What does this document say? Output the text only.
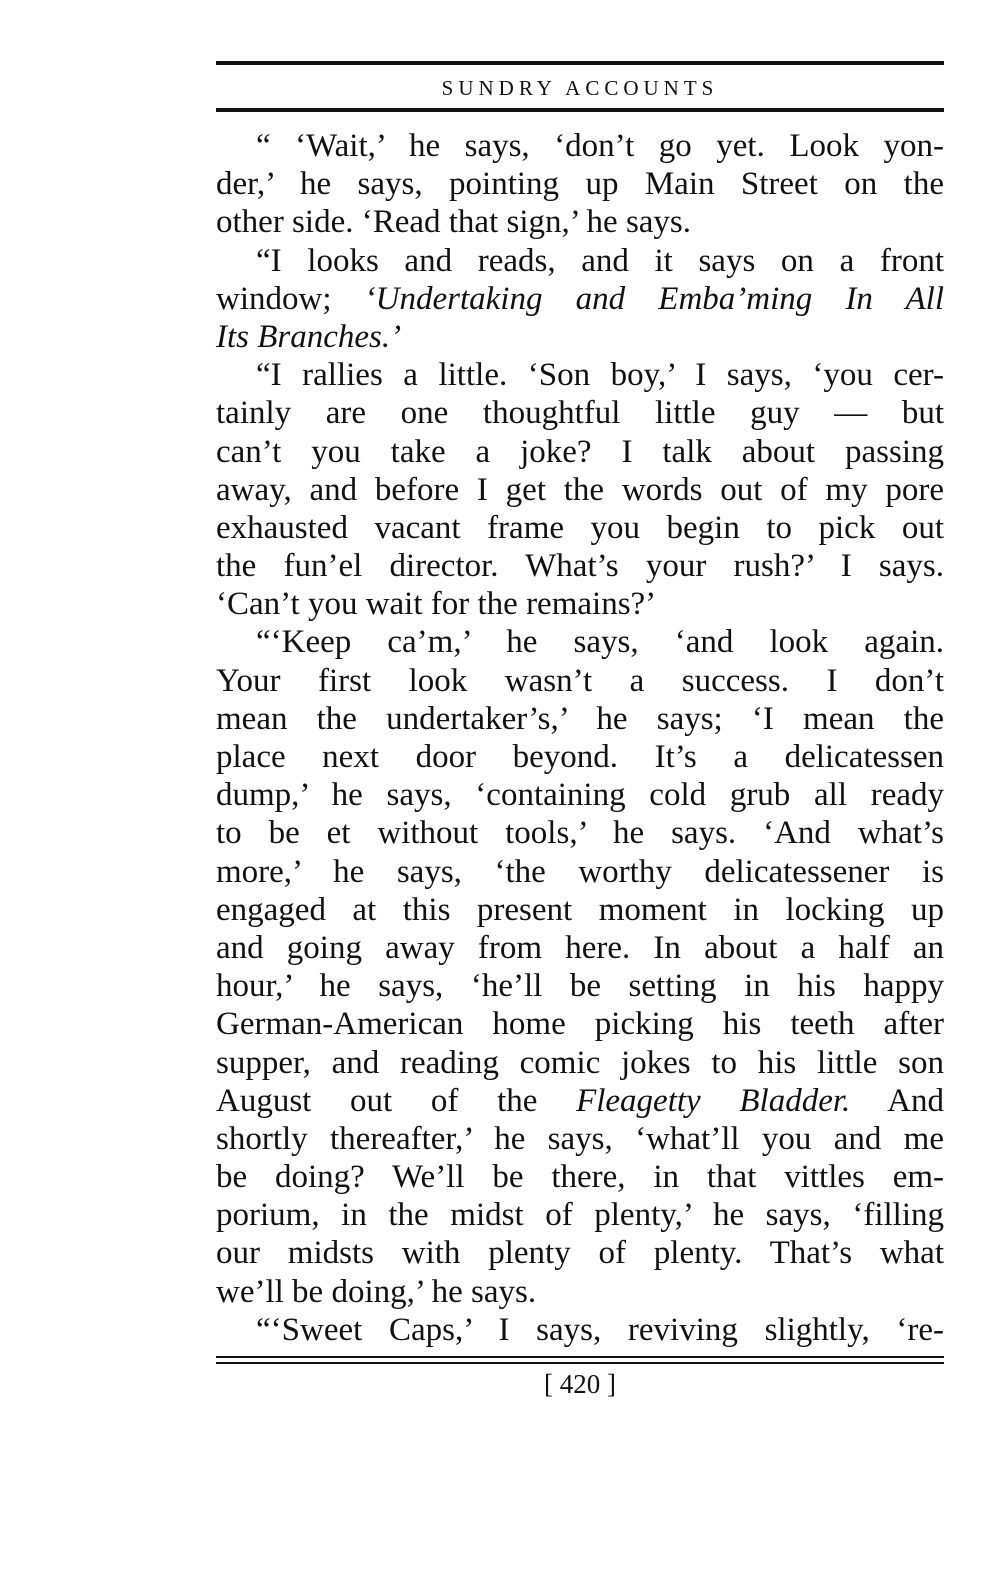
SUNDRY ACCOUNTS
“ ‘Wait,’ he says, ‘don’t go yet. Look yon-
der,’ he says, pointing up Main Street on the
other side. ‘Read that sign,’ he says.
“I looks and reads, and it says on a front
window; ‘Undertaking and Emba’ming In All
Its Branches.’
“I rallies a little. ‘Son boy,’ I says, ‘you cer-
tainly are one thoughtful little guy — but
can’t you take a joke? I talk about passing
away, and before I get the words out of my pore
exhausted vacant frame you begin to pick out
the fun’el director. What’s your rush?’ I says.
‘Can’t you wait for the remains?’
“‘Keep ca’m,’ he says, ‘and look again.
Your first look wasn’t a success. I don’t
mean the undertaker’s,’ he says; ‘I mean the
place next door beyond. It’s a delicatessen
dump,’ he says, ‘containing cold grub all ready
to be et without tools,’ he says. ‘And what’s
more,’ he says, ‘the worthy delicatessener is
engaged at this present moment in locking up
and going away from here. In about a half an
hour,’ he says, ‘he’ll be setting in his happy
German-American home picking his teeth after
supper, and reading comic jokes to his little son
August out of the Fleagetty Bladder. And
shortly thereafter,’ he says, ‘what’ll you and me
be doing? We’ll be there, in that vittles em-
porium, in the midst of plenty,’ he says, ‘filling
our midsts with plenty of plenty. That’s what
we’ll be doing,’ he says.
“‘Sweet Caps,’ I says, reviving slightly, ‘re-
[ 420 ]
